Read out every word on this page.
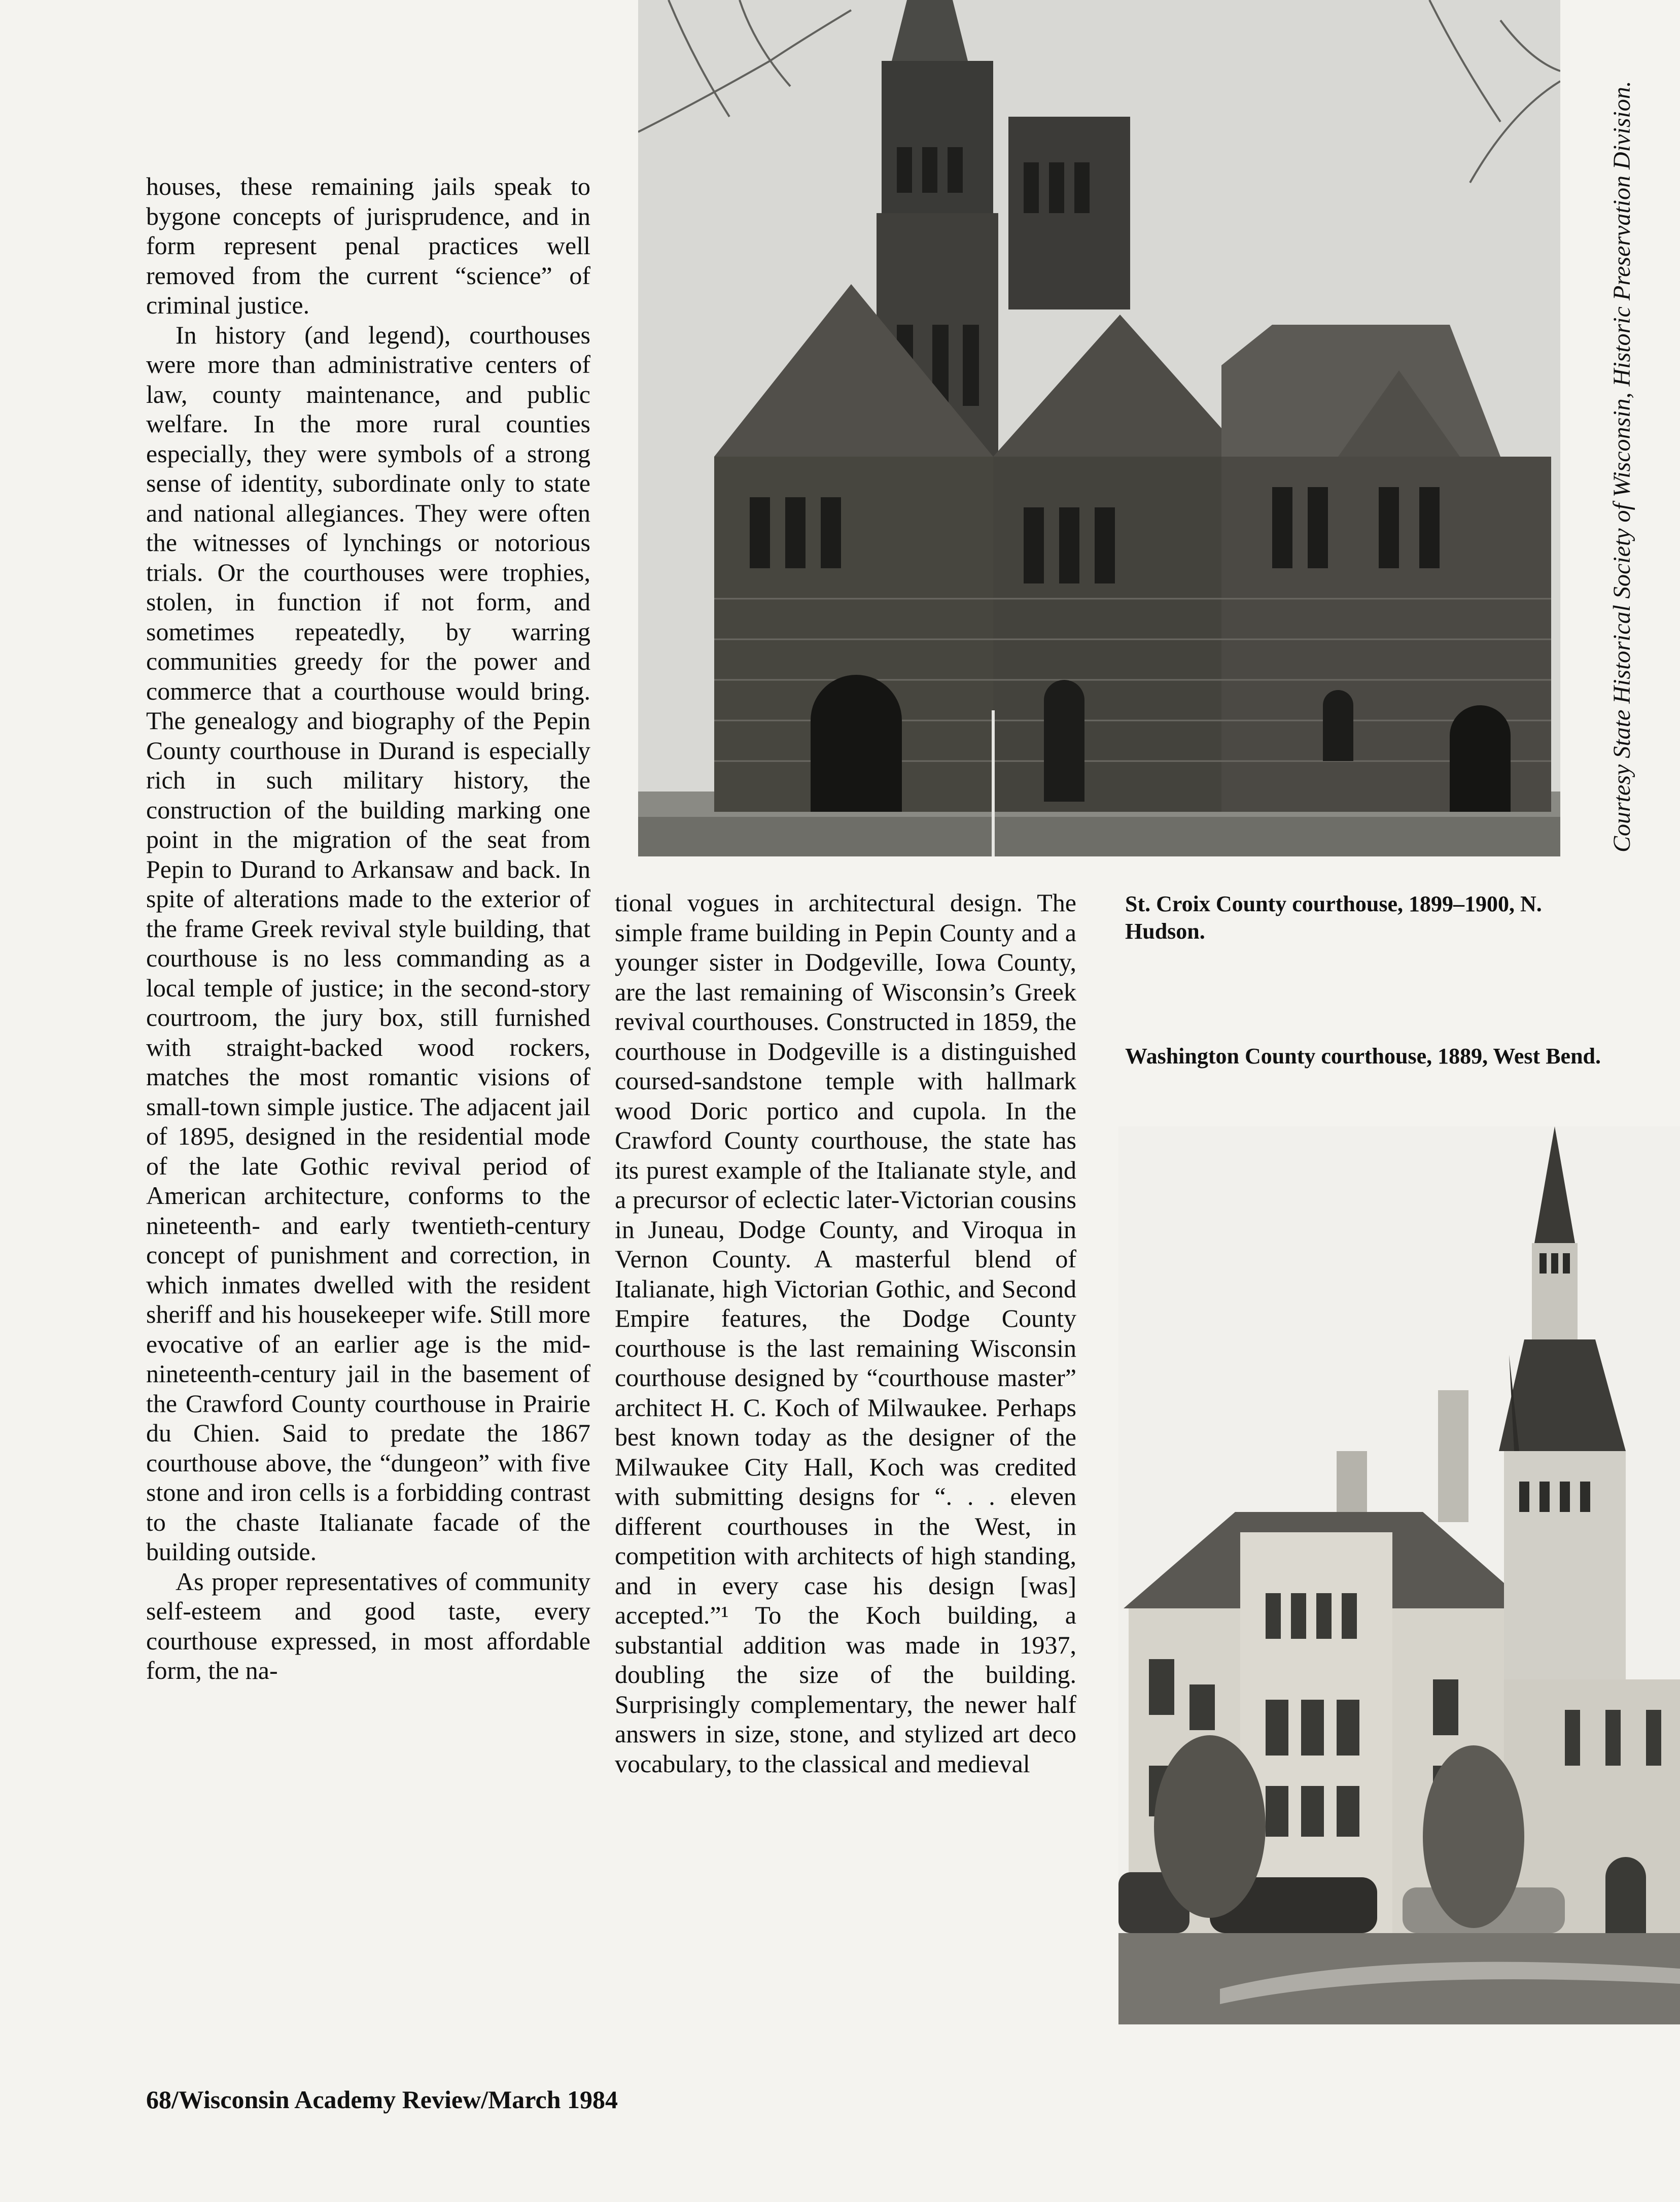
houses, these remaining jails speak to bygone concepts of jurisprudence, and in form represent penal practices well removed from the current “science” of criminal justice.

In history (and legend), courthouses were more than administrative centers of law, county maintenance, and public welfare. In the more rural counties especially, they were symbols of a strong sense of identity, subordinate only to state and national allegiances. They were often the witnesses of lynchings or notorious trials. Or the courthouses were trophies, stolen, in function if not form, and sometimes repeatedly, by warring communities greedy for the power and commerce that a courthouse would bring. The genealogy and biography of the Pepin County courthouse in Durand is especially rich in such military history, the construction of the building marking one point in the migration of the seat from Pepin to Durand to Arkansaw and back. In spite of alterations made to the exterior of the frame Greek revival style building, that courthouse is no less commanding as a local temple of justice; in the second-story courtroom, the jury box, still furnished with straight-backed wood rockers, matches the most romantic visions of small-town simple justice. The adjacent jail of 1895, designed in the residential mode of the late Gothic revival period of American architecture, conforms to the nineteenth- and early twentieth-century concept of punishment and correction, in which inmates dwelled with the resident sheriff and his housekeeper wife. Still more evocative of an earlier age is the mid-nineteenth-century jail in the basement of the Crawford County courthouse in Prairie du Chien. Said to predate the 1867 courthouse above, the “dungeon” with five stone and iron cells is a forbidding contrast to the chaste Italianate facade of the building outside.

As proper representatives of community self-esteem and good taste, every courthouse expressed, in most affordable form, the na-

Courtesy State Historical Society of Wisconsin, Historic Preservation Division.

tional vogues in architectural design. The simple frame building in Pepin County and a younger sister in Dodgeville, Iowa County, are the last remaining of Wisconsin’s Greek revival courthouses. Constructed in 1859, the courthouse in Dodgeville is a distinguished coursed-sandstone temple with hallmark wood Doric portico and cupola. In the Crawford County courthouse, the state has its purest example of the Italianate style, and a precursor of eclectic later-Victorian cousins in Juneau, Dodge County, and Viroqua in Vernon County. A masterful blend of Italianate, high Victorian Gothic, and Second Empire features, the Dodge County courthouse is the last remaining Wisconsin courthouse designed by “courthouse master” architect H. C. Koch of Milwaukee. Perhaps best known today as the designer of the Milwaukee City Hall, Koch was credited with submitting designs for “. . . eleven different courthouses in the West, in competition with architects of high standing, and in every case his design [was] accepted.”¹ To the Koch building, a substantial addition was made in 1937, doubling the size of the building. Surprisingly complementary, the newer half answers in size, stone, and stylized art deco vocabulary, to the classical and medieval

St. Croix County courthouse, 1899–1900, N. Hudson.
Washington County courthouse, 1889, West Bend.
68/Wisconsin Academy Review/March 1984
